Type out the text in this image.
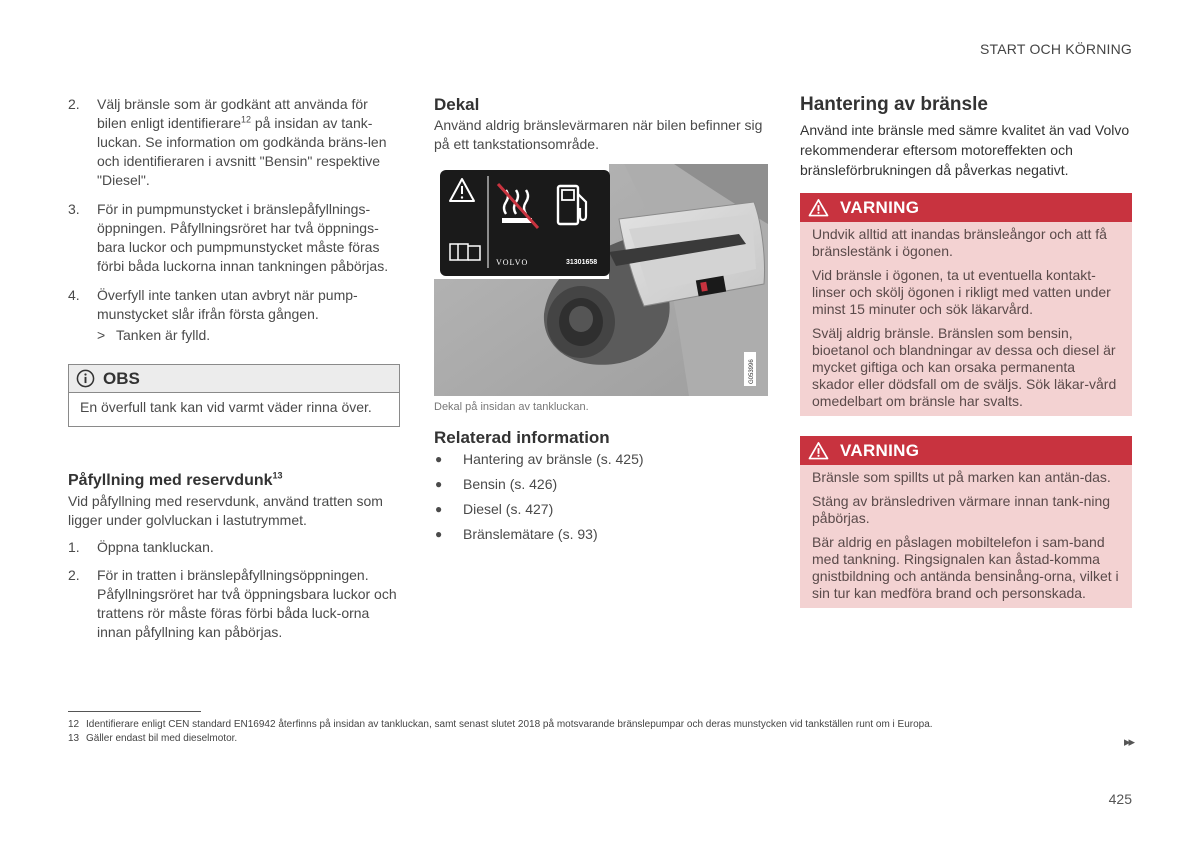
START OCH KÖRNING
2.	Välj bränsle som är godkänt att använda för bilen enligt identifierare$^{12}$ på insidan av tank-luckan. Se information om godkända bräns-len och identifieraren i avsnitt "Bensin" respektive "Diesel".
3.	För in pumpmunstycket i bränslepåfyllnings-öppningen. Påfyllningsröret har två öppnings-bara luckor och pumpmunstycket måste föras förbi båda luckorna innan tankningen påbörjas.
4.	Överfyll inte tanken utan avbryt när pump-munstycket slår ifrån första gången.
> Tanken är fylld.
OBS
En överfull tank kan vid varmt väder rinna över.
Påfyllning med reservdunk$^{13}$
Vid påfyllning med reservdunk, använd tratten som ligger under golvluckan i lastutrymmet.
1.	Öppna tankluckan.
2.	För in tratten i bränslepåfyllningsöppningen. Påfyllningsröret har två öppningsbara luckor och trattens rör måste föras förbi båda luck-orna innan påfyllning kan påbörjas.
Dekal
Använd aldrig bränslevärmaren när bilen befinner sig på ett tankstationsområde.
VOLVO	31301658
G053996
Dekal på insidan av tankluckan.
Relaterad information
●	Hantering av bränsle (s. 425)
●	Bensin (s. 426)
●	Diesel (s. 427)
●	Bränslemätare (s. 93)
Hantering av bränsle
Använd inte bränsle med sämre kvalitet än vad Volvo rekommenderar eftersom motoreffekten och bränsleförbrukningen då påverkas negativt.
VARNING

Undvik alltid att inandas bränsleångor och att få bränslestänk i ögonen.

Vid bränsle i ögonen, ta ut eventuella kontakt-linser och skölj ögonen i rikligt med vatten under minst 15 minuter och sök läkarvård.

Svälj aldrig bränsle. Bränslen som bensin, bioetanol och blandningar av dessa och diesel är mycket giftiga och kan orsaka permanenta skador eller dödsfall om de sväljs. Sök läkar-vård omedelbart om bränsle har svalts.

VARNING

Bränsle som spillts ut på marken kan antän-das.

Stäng av bränsledriven värmare innan tank-ning påbörjas.

Bär aldrig en påslagen mobiltelefon i sam-band med tankning. Ringsignalen kan åstad-komma gnistbildning och antända bensinång-orna, vilket i sin tur kan medföra brand och personskada.

12 Identifierare enligt CEN standard EN16942 återfinns på insidan av tankluckan, samt senast slutet 2018 på motsvarande bränslepumpar och deras munstycken vid tankställen runt om i Europa.
13 Gäller endast bil med dieselmotor.	▸▸
425
